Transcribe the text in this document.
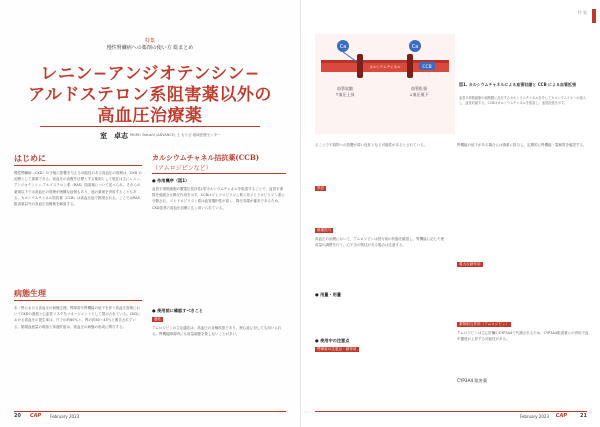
特集
慢性腎臓病への薬剤の使い方 総まとめ
レニン−アンジオテンシン−
アルドステロン系阻害薬以外の
高血圧治療薬
室　卓志 MURO Takushi (ADVANCE) 士 もりざ 地域医療センター
はじめに
慢性腎臓病（CKD）の予後に影響を与える可能性のある高血圧の管理は、CKD の治療として重要である。高血圧の治療を目標とする薬剤として現在は主にレニン-アンジオテンシン-アルドステロン系（RAS）阻害薬について述べられ、それらの薬剤以下では高血圧の管理が困難な症例もあり、他の薬剤を併用することもある。カルシウムチャネル拮抗薬（CCB）は高血圧症で推奨される。ここではRAS阻害薬以外の高血圧治療薬を解説する。
病態生理
末・腎における高血圧の病態生理、腎障害や腎機能の低下を伴う高血圧管理においてCKDの進展と心血管リスクをマネージメントとして提示されている。CKDにおける高血圧の発生率は、尺での約80％と、腎の約40〜45％と報告されている。循環血液量の増加と体液貯留は、高血圧の病態の形成に関与する。
カルシウムチャネル拮抗薬(CCB)
（アムロジピンなど）
● 作用機序（図1）
血管平滑筋細胞の膜電位依存性L型カルシウムチャネルを阻害することで、血管平滑筋を弛緩させ降圧作用を示す。CCBはジヒドロピリジン系と非ジヒドロピリジン系に分類され、ジヒドロピリジン系は血管選択性が高く、降圧効果が確実であるため、CKD患者の高血圧治療に広く用いられている。
● 使用前に確認すべきこと
適応
アムロジピンの主な適応は、高血圧の各種疾患であり、狭心症に対しても用いられる。腎機能障害時にも用量調節を要しないことが多い。
20 CAP February 2023
特 集
Ca	Ca
CCB
カルシウムチャネル
血管収縮
↑血圧上昇
血管拡張
↓血圧低下
図1. カルシウムチャネルによる血管収縮と CCB による血管拡張
血管平滑筋細胞の細胞膜に存在するカルシウムチャネルを介してカルシウムイオンが流入し、血管収縮する。CCBはカルシウムチャネルを阻害し、血管拡張を示す。
ることで不規則への影響が弱い良好となる可能性があるとされている。
禁忌
慎重投与
高血圧の治療において、アムロジピンは投与前の状態を確認し、腎機能に応じた使用量の調整を行う。心不全の既往がある場合は注意する。
● 用量・用量
● 使用中の注意点
腎障害の注意点・副作用
腎機能の低下がある場合には慎重に投与し、定期的に腎機能・電解質を確認する。
重大な副作用
薬物相互作用（アムロジピン）
アムロジピンは主に肝臓のCYP3A4で代謝されるため、CYP3A4阻害薬との併用で血中濃度が上昇する可能性がある。
CYP3A4 阻害薬
February 2023 CAP	21
